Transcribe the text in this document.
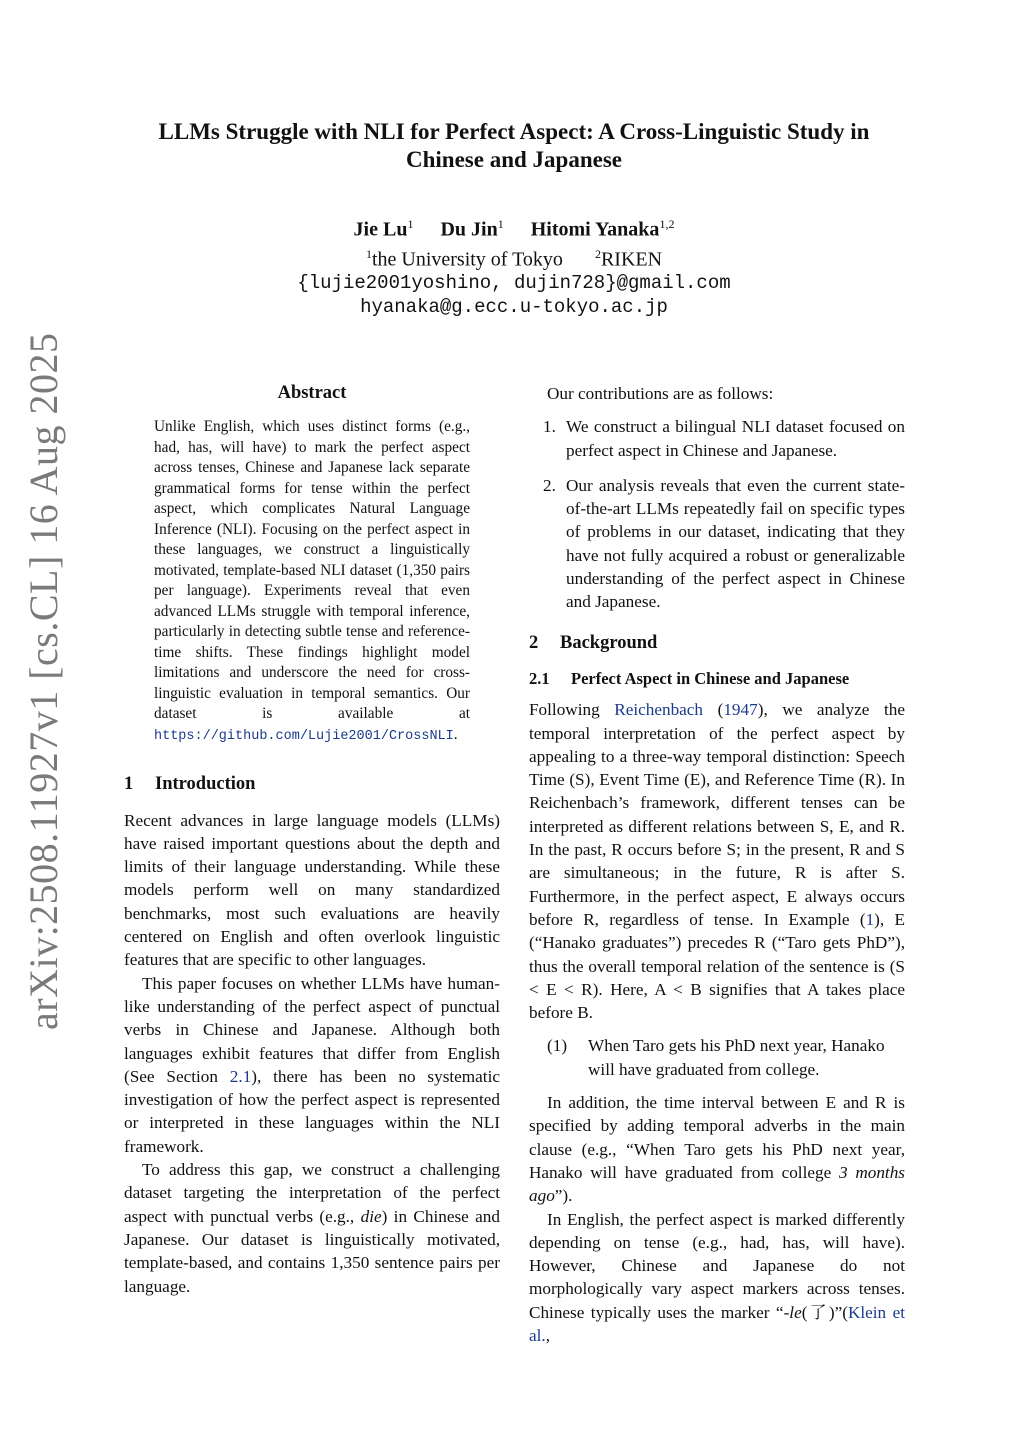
arXiv:2508.11927v1 [cs.CL] 16 Aug 2025
LLMs Struggle with NLI for Perfect Aspect: A Cross-Linguistic Study in
Chinese and Japanese
Jie Lu$^1$ Du Jin$^1$ Hitomi Yanaka$^{1,2}$
$^1$the University of Tokyo	$^2$RIKEN
{lujie2001yoshino, dujin728}@gmail.com
hyanaka@g.ecc.u-tokyo.ac.jp
Abstract
Unlike English, which uses distinct forms (e.g., had, has, will have) to mark the perfect aspect across tenses, Chinese and Japanese lack separate grammatical forms for tense within the perfect aspect, which complicates Natural Language Inference (NLI). Focusing on the perfect aspect in these languages, we construct a linguistically motivated, template-based NLI dataset (1,350 pairs per language). Experiments reveal that even advanced LLMs struggle with temporal inference, particularly in detecting subtle tense and reference-time shifts. These findings highlight model limitations and underscore the need for cross-linguistic evaluation in temporal semantics. Our dataset is available at https://github.com/Lujie2001/CrossNLI.
1 Introduction

Recent advances in large language models (LLMs) have raised important questions about the depth and limits of their language understanding. While these models perform well on many standardized benchmarks, most such evaluations are heavily centered on English and often overlook linguistic features that are specific to other languages.

This paper focuses on whether LLMs have human-like understanding of the perfect aspect of punctual verbs in Chinese and Japanese. Although both languages exhibit features that differ from English (See Section 2.1), there has been no systematic investigation of how the perfect aspect is represented or interpreted in these languages within the NLI framework.

To address this gap, we construct a challenging dataset targeting the interpretation of the perfect aspect with punctual verbs (e.g., die) in Chinese and Japanese. Our dataset is linguistically motivated, template-based, and contains 1,350 sentence pairs per language.

Our contributions are as follows:

1. We construct a bilingual NLI dataset focused on perfect aspect in Chinese and Japanese.
2. Our analysis reveals that even the current state-of-the-art LLMs repeatedly fail on specific types of problems in our dataset, indicating that they have not fully acquired a robust or generalizable understanding of the perfect aspect in Chinese and Japanese.
2 Background
2.1 Perfect Aspect in Chinese and Japanese

Following Reichenbach (1947), we analyze the temporal interpretation of the perfect aspect by appealing to a three-way temporal distinction: Speech Time (S), Event Time (E), and Reference Time (R). In Reichenbach’s framework, different tenses can be interpreted as different relations between S, E, and R. In the past, R occurs before S; in the present, R and S are simultaneous; in the future, R is after S. Furthermore, in the perfect aspect, E always occurs before R, regardless of tense. In Example (1), E (“Hanako graduates”) precedes R (“Taro gets PhD”), thus the overall temporal relation of the sentence is (S < E < R). Here, A < B signifies that A takes place before B.

(1) When Taro gets his PhD next year, Hanako will have graduated from college.

In addition, the time interval between E and R is specified by adding temporal adverbs in the main clause (e.g., “When Taro gets his PhD next year, Hanako will have graduated from college 3 months ago”).

In English, the perfect aspect is marked differently depending on tense (e.g., had, has, will have). However, Chinese and Japanese do not morphologically vary aspect markers across tenses. Chinese typically uses the marker “-le(了)”(Klein et al.,
